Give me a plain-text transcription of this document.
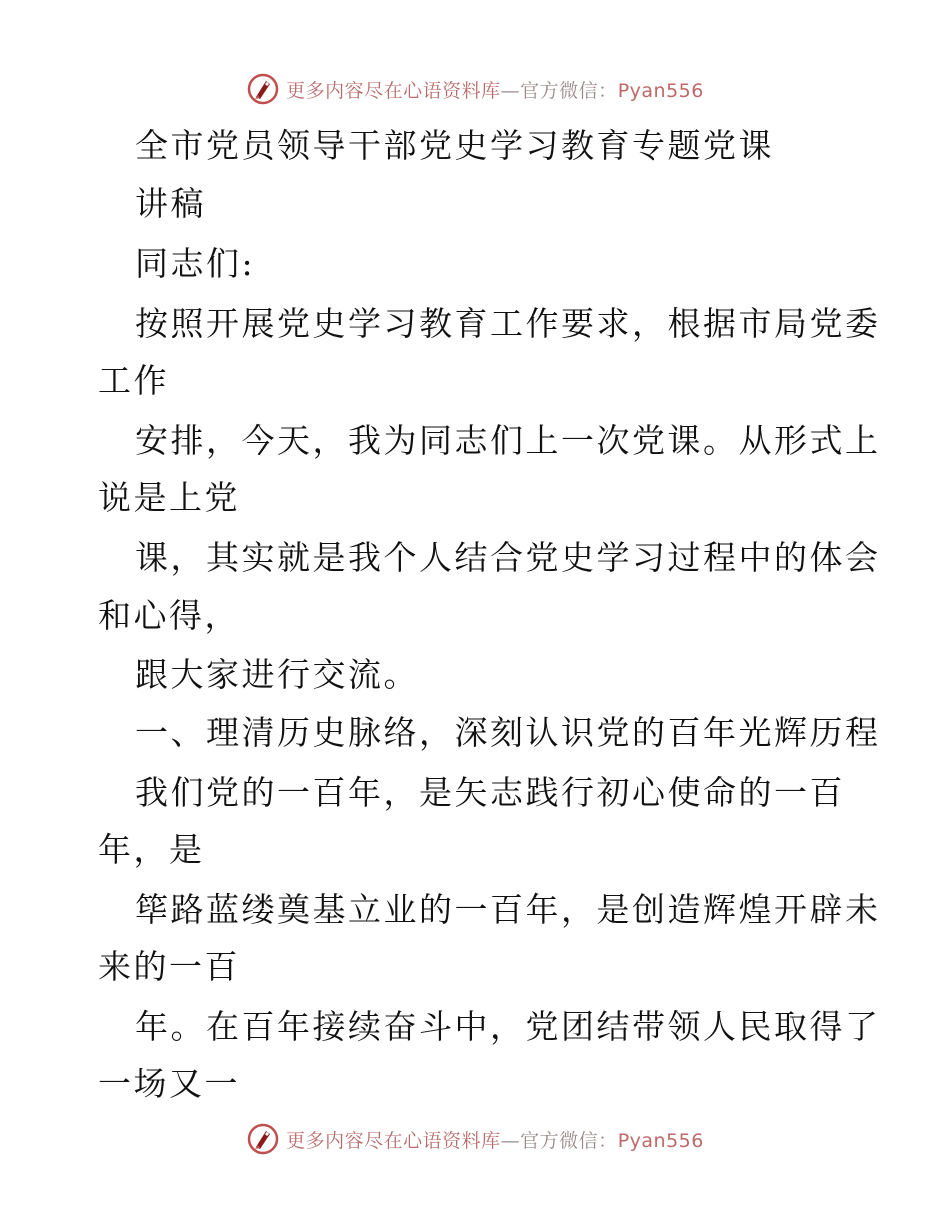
更多内容尽在心语资料库—官方微信：Pyan556
全市党员领导干部党史学习教育专题党课
讲稿
同志们:
按照开展党史学习教育工作要求，根据市局党委
工作
安排，今天，我为同志们上一次党课。从形式上
说是上党
课，其实就是我个人结合党史学习过程中的体会
和心得，
跟大家进行交流。
一、理清历史脉络，深刻认识党的百年光辉历程
我们党的一百年，是矢志践行初心使命的一百
年，是
筚路蓝缕奠基立业的一百年，是创造辉煌开辟未
来的一百
年。在百年接续奋斗中，党团结带领人民取得了
一场又一
更多内容尽在心语资料库—官方微信：Pyan556
